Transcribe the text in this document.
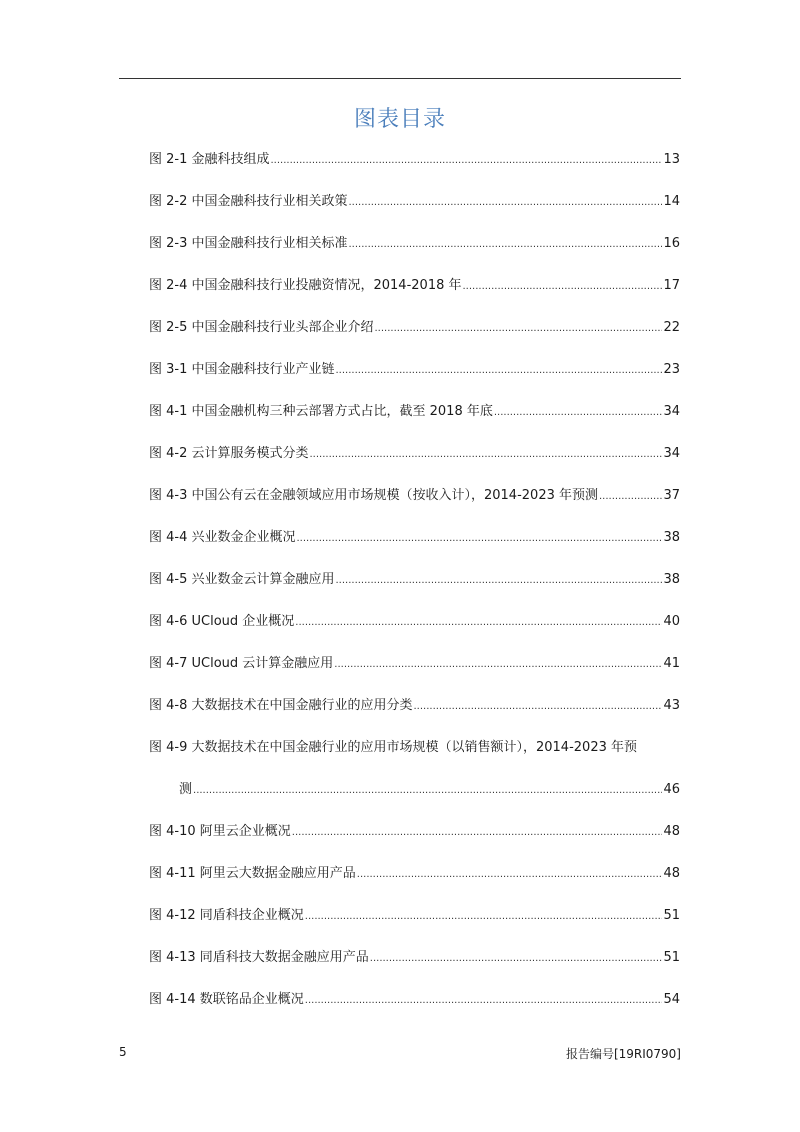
图表目录
图 2-1 金融科技组成 .....	13
图 2-2 中国金融科技行业相关政策 .....	14
图 2-3 中国金融科技行业相关标准 .....	16
图 2-4 中国金融科技行业投融资情况，2014-2018 年 .....	17
图 2-5 中国金融科技行业头部企业介绍 .....	22
图 3-1 中国金融科技行业产业链 .....	23
图 4-1 中国金融机构三种云部署方式占比，截至 2018 年底 .....	34
图 4-2 云计算服务模式分类 .....	34
图 4-3 中国公有云在金融领域应用市场规模（按收入计），2014-2023 年预测 .....	37
图 4-4 兴业数金企业概况 .....	38
图 4-5 兴业数金云计算金融应用 .....	38
图 4-6 UCloud 企业概况 .....	40
图 4-7 UCloud 云计算金融应用 .....	41
图 4-8 大数据技术在中国金融行业的应用分类 .....	43
图 4-9 大数据技术在中国金融行业的应用市场规模（以销售额计），2014-2023 年预
测 .....	46
图 4-10 阿里云企业概况 .....	48
图 4-11 阿里云大数据金融应用产品 .....	48
图 4-12 同盾科技企业概况 .....	51
图 4-13 同盾科技大数据金融应用产品 .....	51
图 4-14 数联铭品企业概况 .....	54
5	报告编号[19RI0790]
